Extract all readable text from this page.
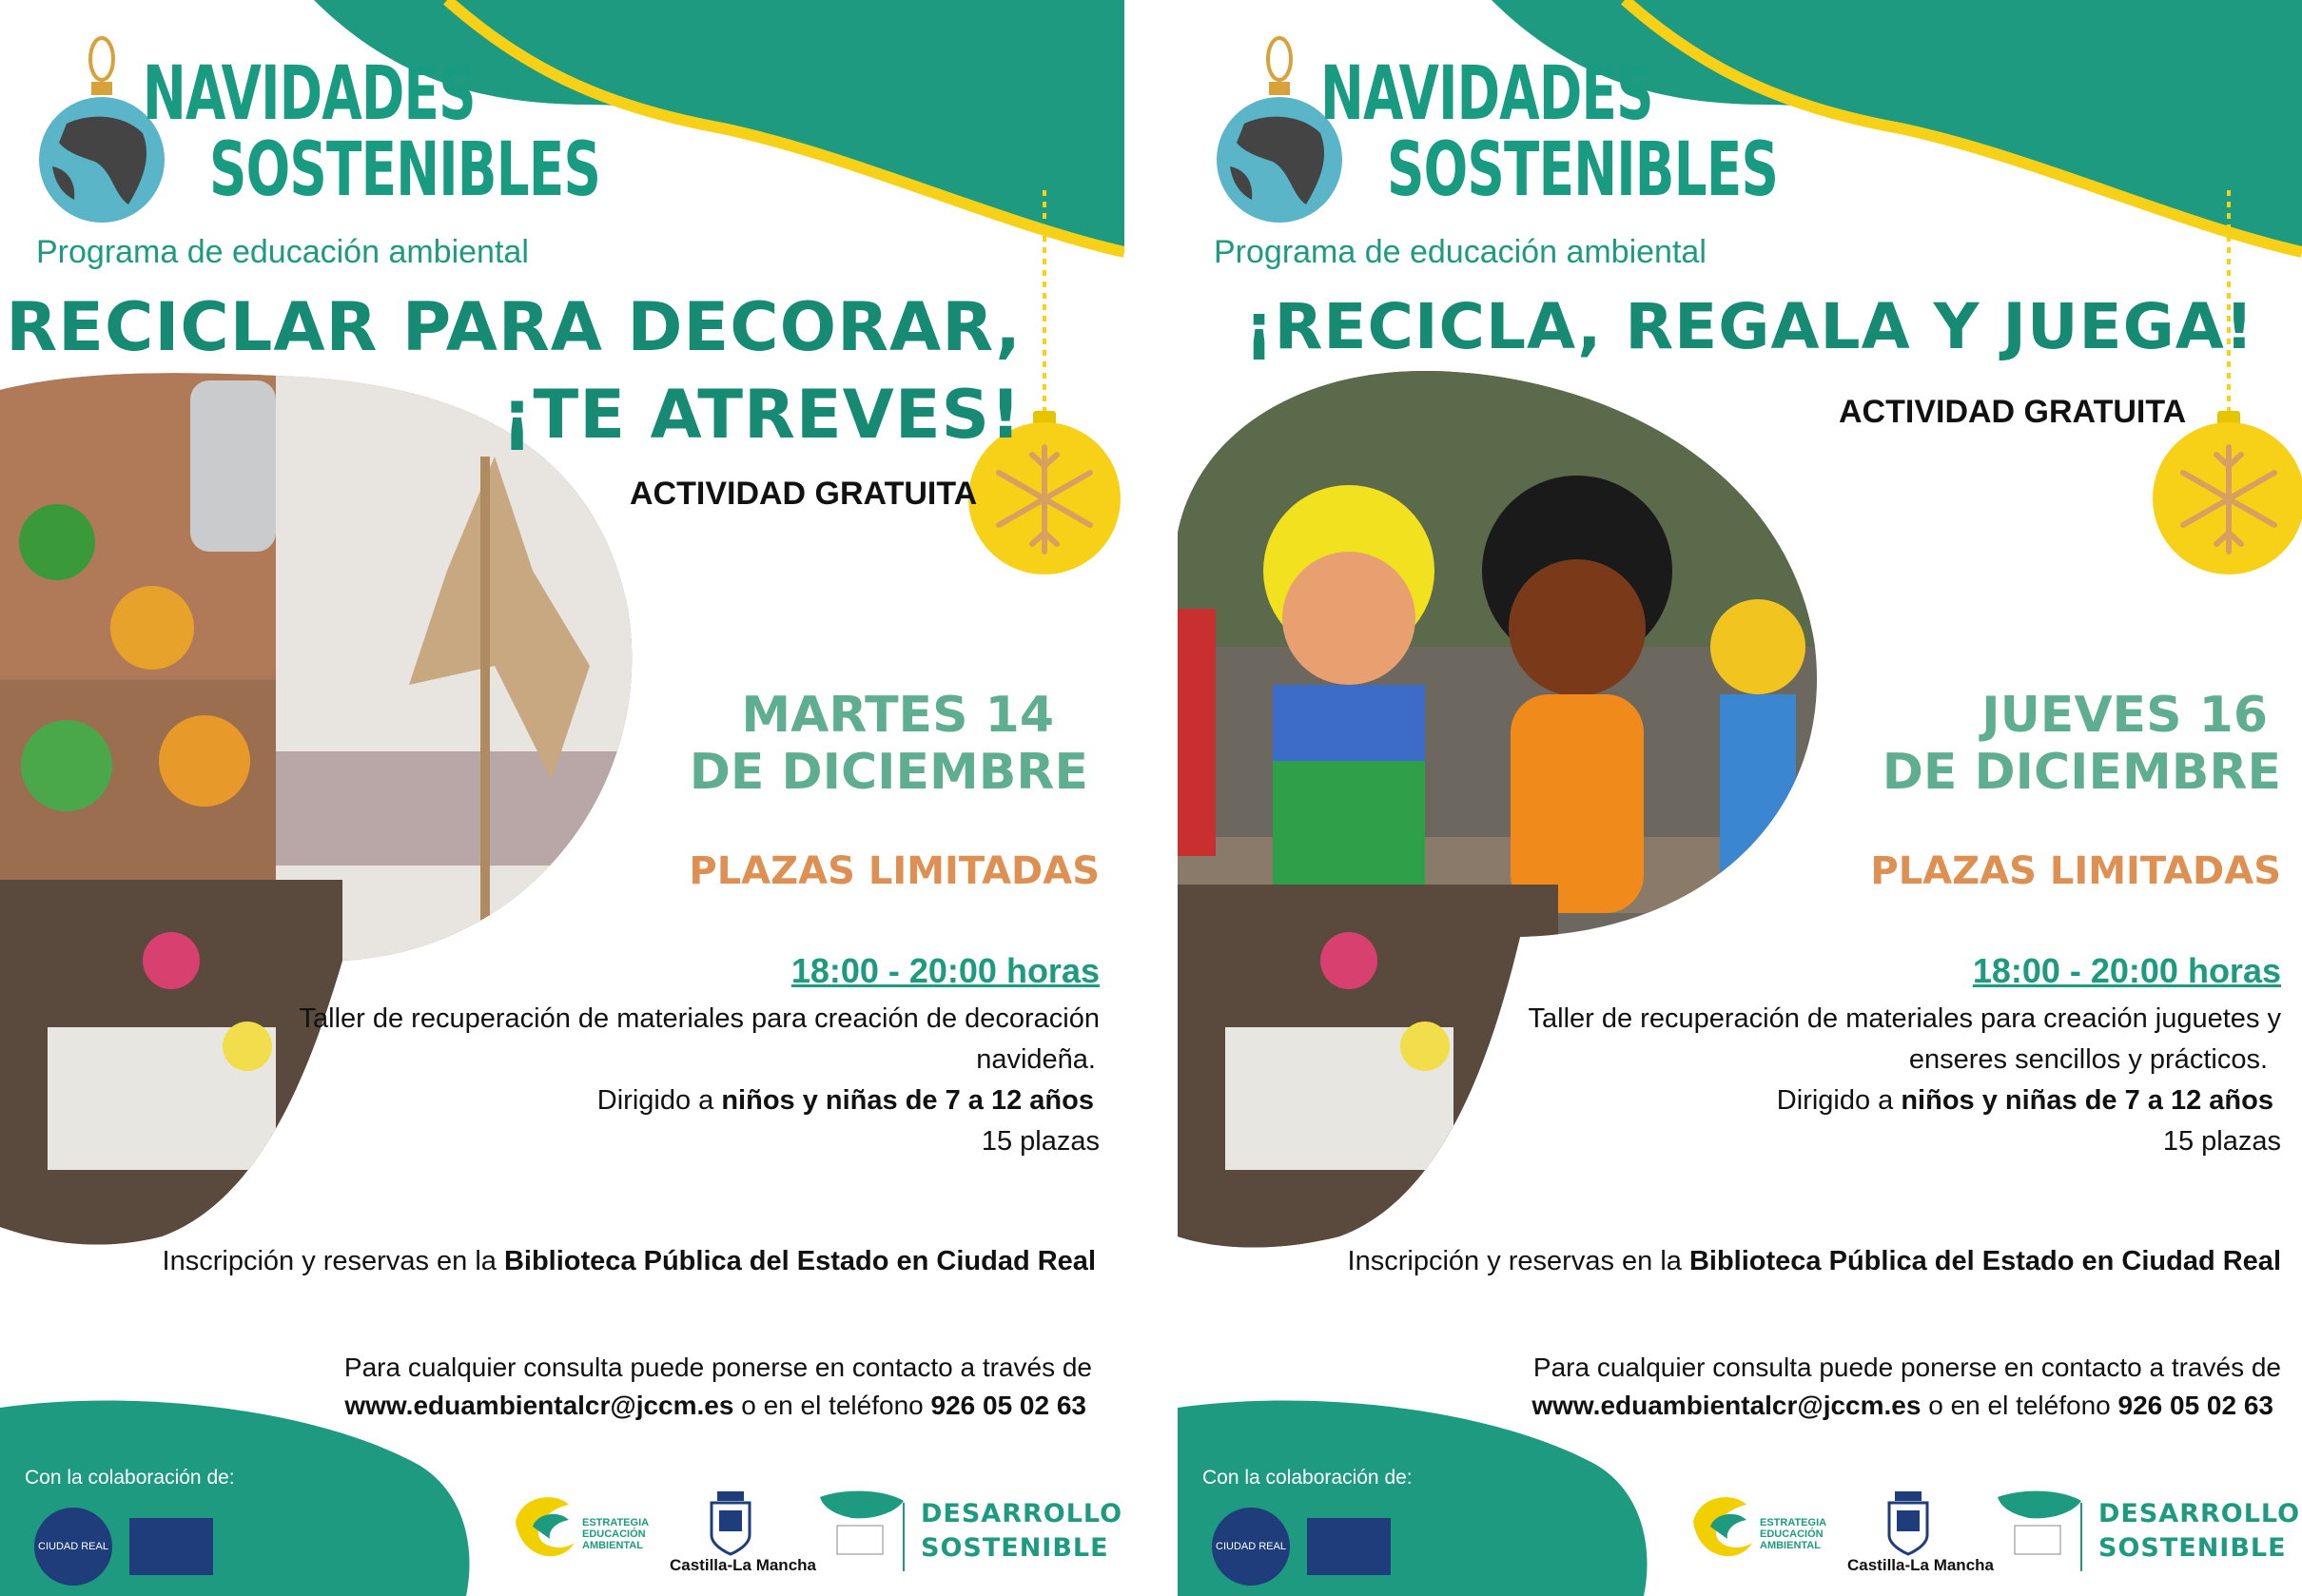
NAVIDADES
SOSTENIBLES
Programa de educación ambiental
RECICLAR PARA DECORAR,
¡TE ATREVES!
ACTIVIDAD GRATUITA
MARTES 14
DE DICIEMBRE
PLAZAS LIMITADAS
18:00 - 20:00 horas
Taller de recuperación de materiales para creación de decoración
navideña.
Dirigido a niños y niñas de 7 a 12 años
15 plazas
Inscripción y reservas en la Biblioteca Pública del Estado en Ciudad Real
Para cualquier consulta puede ponerse en contacto a través de
www.eduambientalcr@jccm.es o en el teléfono 926 05 02 63
Con la colaboración de:
CIUDAD REAL
ESTRATEGIA EDUCACIÓN AMBIENTAL
Castilla-La Mancha
DESARROLLO
SOSTENIBLE
NAVIDADES
SOSTENIBLES
Programa de educación ambiental
¡RECICLA, REGALA Y JUEGA!
ACTIVIDAD GRATUITA
JUEVES 16
DE DICIEMBRE
PLAZAS LIMITADAS
18:00 - 20:00 horas
Taller de recuperación de materiales para creación juguetes y
enseres sencillos y prácticos.
Dirigido a niños y niñas de 7 a 12 años
15 plazas
Inscripción y reservas en la Biblioteca Pública del Estado en Ciudad Real
Para cualquier consulta puede ponerse en contacto a través de
www.eduambientalcr@jccm.es o en el teléfono 926 05 02 63
Con la colaboración de:
CIUDAD REAL
ESTRATEGIA EDUCACIÓN AMBIENTAL
Castilla-La Mancha
DESARROLLO
SOSTENIBLE
